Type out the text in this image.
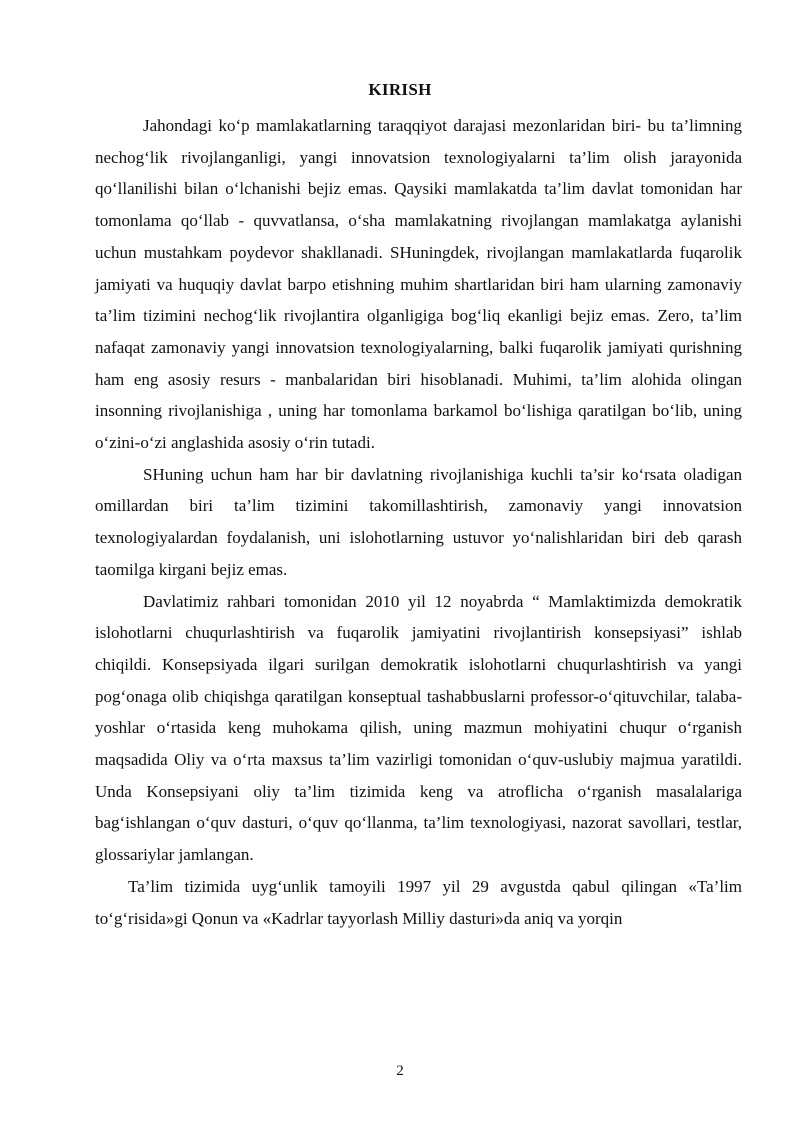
KIRISH

Jahondagi ko‘p mamlakatlarning taraqqiyot darajasi mezonlaridan biri- bu ta’limning nechog‘lik rivojlanganligi, yangi innovatsion texnologiyalarni ta’lim olish jarayonida qo‘llanilishi bilan o‘lchanishi bejiz emas. Qaysiki mamlakatda ta’lim davlat tomonidan har tomonlama qo‘llab - quvvatlansa, o‘sha mamlakatning rivojlangan mamlakatga aylanishi uchun mustahkam poydevor shakllanadi. SHuningdek, rivojlangan mamlakatlarda fuqarolik jamiyati va huquqiy davlat barpo etishning muhim shartlaridan biri ham ularning zamonaviy ta’lim tizimini nechog‘lik rivojlantira olganligiga bog‘liq ekanligi bejiz emas. Zero, ta’lim nafaqat zamonaviy yangi innovatsion texnologiyalarning, balki fuqarolik jamiyati qurishning ham eng asosiy resurs - manbalaridan biri hisoblanadi. Muhimi, ta’lim alohida olingan insonning rivojlanishiga , uning har tomonlama barkamol bo‘lishiga qaratilgan bo‘lib, uning o‘zini-o‘zi anglashida asosiy o‘rin tutadi.

SHuning uchun ham har bir davlatning rivojlanishiga kuchli ta’sir ko‘rsata oladigan omillardan biri ta’lim tizimini takomillashtirish, zamonaviy yangi innovatsion texnologiyalardan foydalanish, uni islohotlarning ustuvor yo‘nalishlaridan biri deb qarash taomilga kirgani bejiz emas.

Davlatimiz rahbari tomonidan 2010 yil 12 noyabrda “ Mamlaktimizda demokratik islohotlarni chuqurlashtirish va fuqarolik jamiyatini rivojlantirish konsepsiyasi” ishlab chiqildi. Konsepsiyada ilgari surilgan demokratik islohotlarni chuqurlashtirish va yangi pog‘onaga olib chiqishga qaratilgan konseptual tashabbuslarni professor-o‘qituvchilar, talaba-yoshlar o‘rtasida keng muhokama qilish, uning mazmun mohiyatini chuqur o‘rganish maqsadida Oliy va o‘rta maxsus ta’lim vazirligi tomonidan o‘quv-uslubiy majmua yaratildi. Unda Konsepsiyani oliy ta’lim tizimida keng va atroflicha o‘rganish masalalariga bag‘ishlangan o‘quv dasturi, o‘quv qo‘llanma, ta’lim texnologiyasi, nazorat savollari, testlar, glossariylar jamlangan.

Ta’lim tizimida uyg‘unlik tamoyili 1997 yil 29 avgustda qabul qilingan «Ta’lim to‘g‘risida»gi Qonun va «Kadrlar tayyorlash Milliy dasturi»da aniq va yorqin

2
